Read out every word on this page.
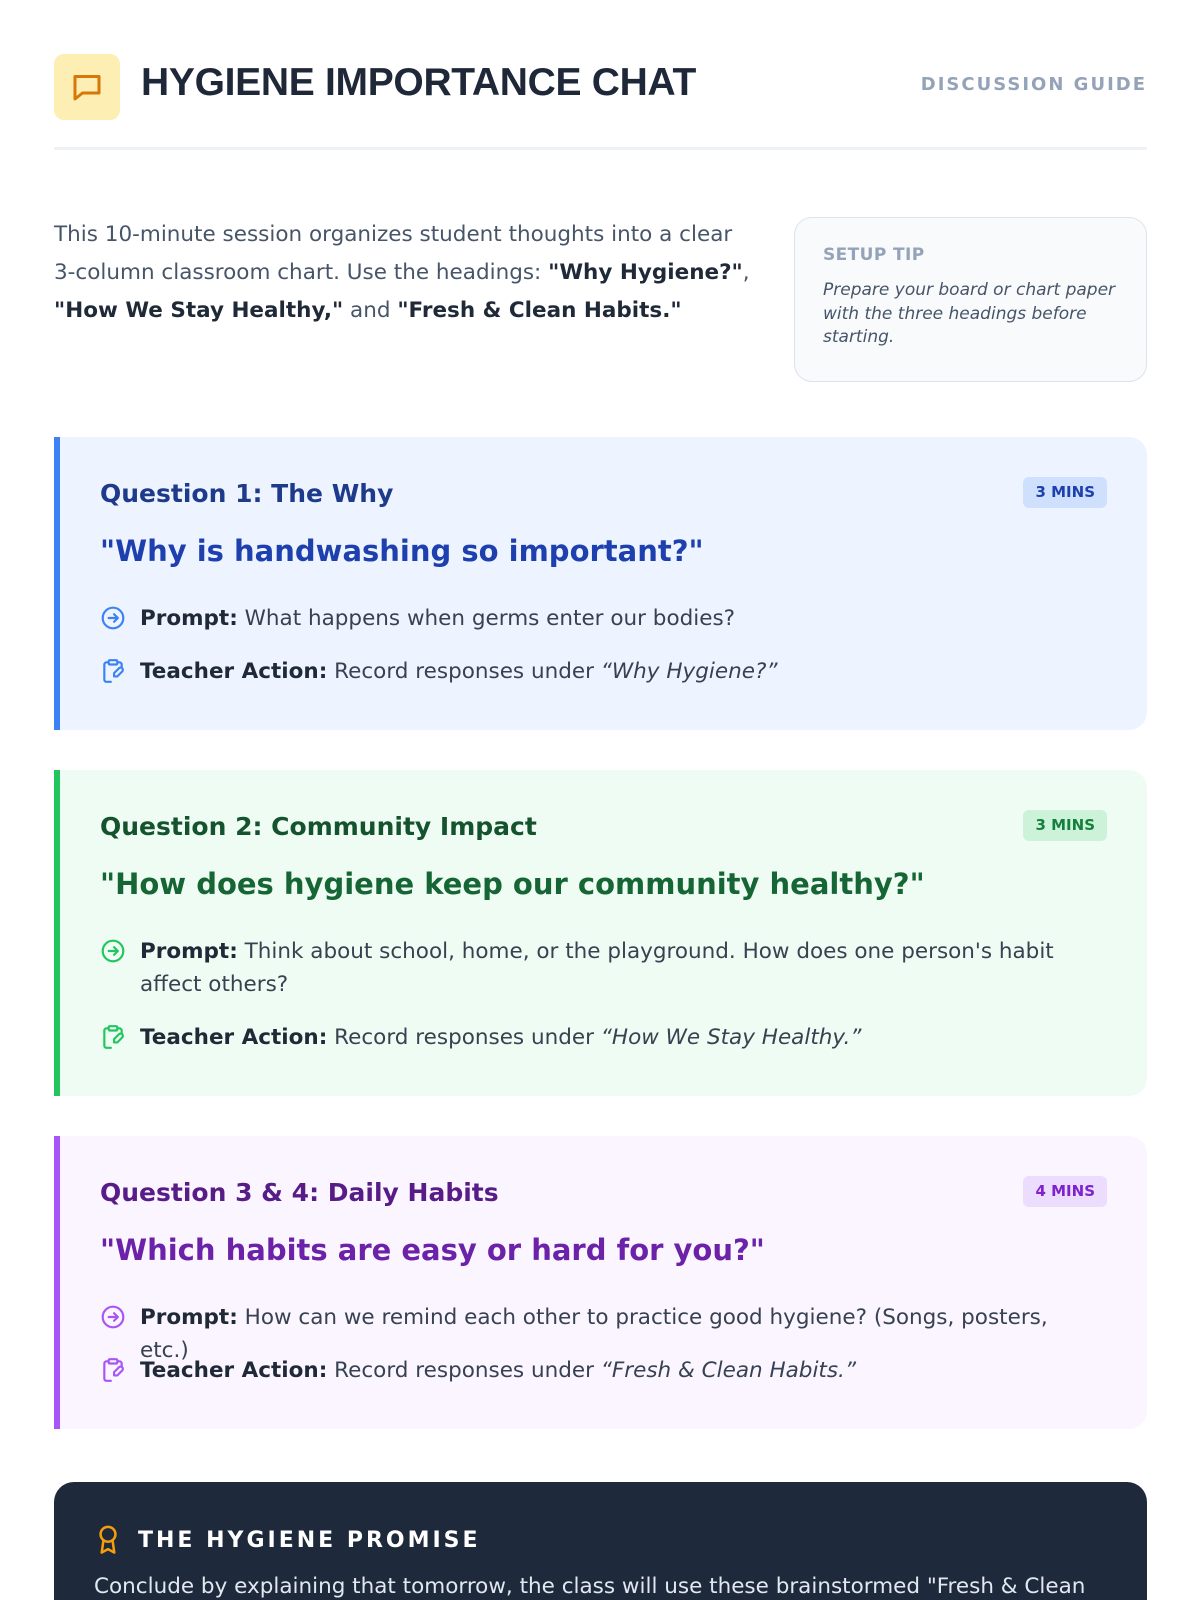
HYGIENE IMPORTANCE CHAT	DISCUSSION GUIDE

This 10-minute session organizes student thoughts into a clear 3-column classroom chart. Use the headings: "Why Hygiene?", "How We Stay Healthy," and "Fresh & Clean Habits."

SETUP TIP
Prepare your board or chart paper with the three headings before starting.
Question 1: The Why	3 MINS
"Why is handwashing so important?"
Prompt: What happens when germs enter our bodies?
Teacher Action: Record responses under “Why Hygiene?”
Question 2: Community Impact	3 MINS
"How does hygiene keep our community healthy?"
Prompt: Think about school, home, or the playground. How does one person's habit affect others?
Teacher Action: Record responses under “How We Stay Healthy.”
Question 3 & 4: Daily Habits	4 MINS
"Which habits are easy or hard for you?"
Prompt: How can we remind each other to practice good hygiene? (Songs, posters, etc.)
Teacher Action: Record responses under “Fresh & Clean Habits.”
THE HYGIENE PROMISE
Conclude by explaining that tomorrow, the class will use these brainstormed "Fresh & Clean
